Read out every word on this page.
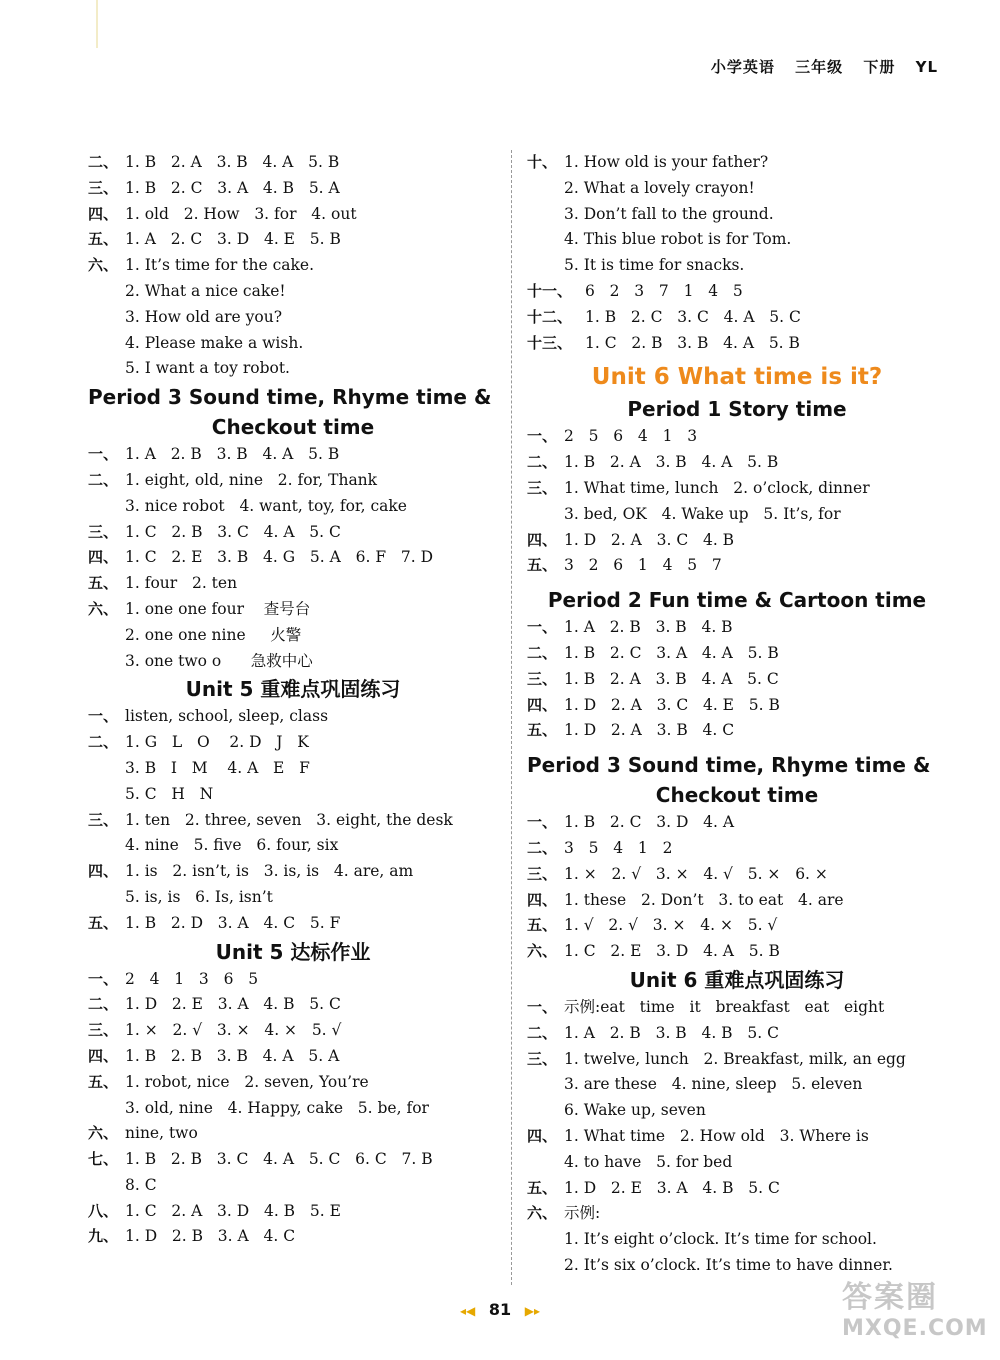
小学英语 三年级 下册 YL
二、 1. B   2. A   3. B   4. A   5. B
三、 1. B   2. C   3. A   4. B   5. A
四、 1. old   2. How   3. for   4. out
五、 1. A   2. C   3. D   4. E   5. B
六、 1. It’s time for the cake.
2. What a nice cake!
3. How old are you?
4. Please make a wish.
5. I want a toy robot.
Period 3 Sound time, Rhyme time &
Checkout time
一、 1. A   2. B   3. B   4. A   5. B
二、 1. eight, old, nine   2. for, Thank
3. nice robot   4. want, toy, for, cake
三、 1. C   2. B   3. C   4. A   5. C
四、 1. C   2. E   3. B   4. G   5. A   6. F   7. D
五、 1. four   2. ten
六、 1. one one four    查号台
2. one one nine     火警
3. one two o      急救中心
Unit 5 重难点巩固练习
一、 listen, school, sleep, class
二、 1. G   L   O    2. D   J   K
3. B   I   M    4. A   E   F
5. C   H   N
三、 1. ten   2. three, seven   3. eight, the desk
4. nine   5. five   6. four, six
四、 1. is   2. isn’t, is   3. is, is   4. are, am
5. is, is   6. Is, isn’t
五、 1. B   2. D   3. A   4. C   5. F
Unit 5 达标作业
一、 2   4   1   3   6   5
二、 1. D   2. E   3. A   4. B   5. C
三、 1. ×   2. √   3. ×   4. ×   5. √
四、 1. B   2. B   3. B   4. A   5. A
五、 1. robot, nice   2. seven, You’re
3. old, nine   4. Happy, cake   5. be, for
六、 nine, two
七、 1. B   2. B   3. C   4. A   5. C   6. C   7. B
8. C
八、 1. C   2. A   3. D   4. B   5. E
九、 1. D   2. B   3. A   4. C
十、 1. How old is your father?
2. What a lovely crayon!
3. Don’t fall to the ground.
4. This blue robot is for Tom.
5. It is time for snacks.
十一、 6   2   3   7   1   4   5
十二、 1. B   2. C   3. C   4. A   5. C
十三、 1. C   2. B   3. B   4. A   5. B
Unit 6 What time is it?
Period 1 Story time
一、 2   5   6   4   1   3
二、 1. B   2. A   3. B   4. A   5. B
三、 1. What time, lunch   2. o’clock, dinner
3. bed, OK   4. Wake up   5. It’s, for
四、 1. D   2. A   3. C   4. B
五、 3   2   6   1   4   5   7
Period 2 Fun time & Cartoon time
一、 1. A   2. B   3. B   4. B
二、 1. B   2. C   3. A   4. A   5. B
三、 1. B   2. A   3. B   4. A   5. C
四、 1. D   2. A   3. C   4. E   5. B
五、 1. D   2. A   3. B   4. C
Period 3 Sound time, Rhyme time &
Checkout time
一、 1. B   2. C   3. D   4. A
二、 3   5   4   1   2
三、 1. ×   2. √   3. ×   4. √   5. ×   6. ×
四、 1. these   2. Don’t   3. to eat   4. are
五、 1. √   2. √   3. ×   4. ×   5. √
六、 1. C   2. E   3. D   4. A   5. B
Unit 6 重难点巩固练习
一、 示例:eat   time   it   breakfast   eat   eight
二、 1. A   2. B   3. B   4. B   5. C
三、 1. twelve, lunch   2. Breakfast, milk, an egg
3. are these   4. nine, sleep   5. eleven
6. Wake up, seven
四、 1. What time   2. How old   3. Where is
4. to have   5. for bed
五、 1. D   2. E   3. A   4. B   5. C
六、 示例:
1. It’s eight o’clock. It’s time for school.
2. It’s six o’clock. It’s time to have dinner.
◂◀ 81 ▶▸	答案圈
MXQE.COM
